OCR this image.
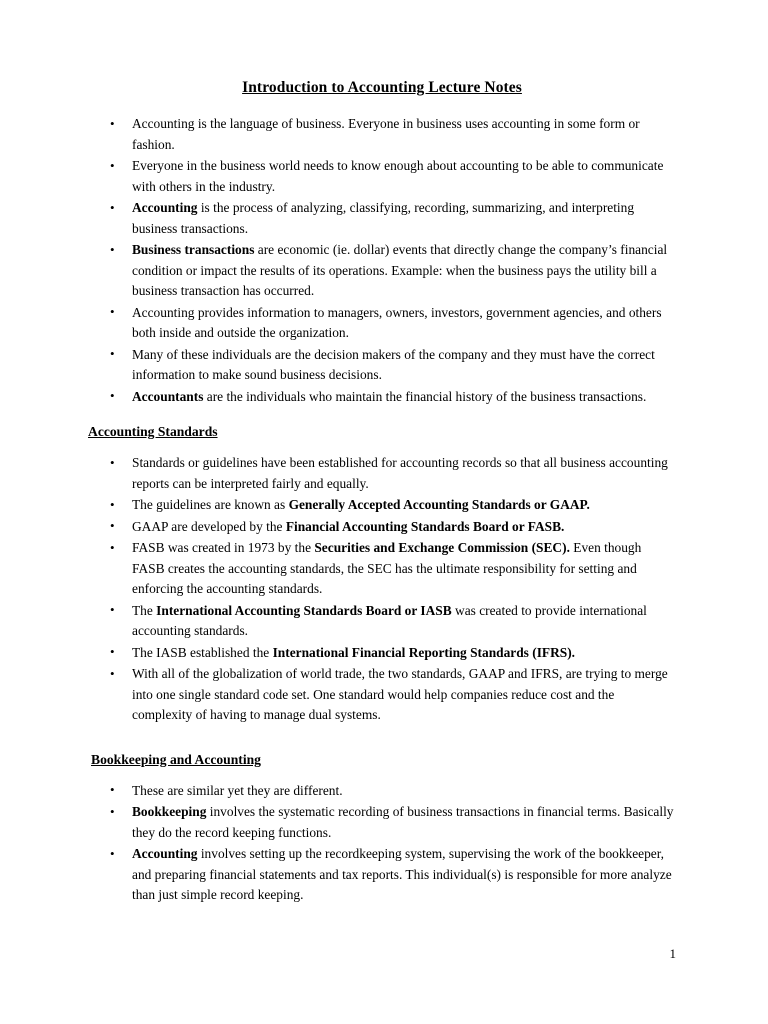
Introduction to Accounting Lecture Notes
• Accounting is the language of business. Everyone in business uses accounting in some form or fashion.
• Everyone in the business world needs to know enough about accounting to be able to communicate with others in the industry.
• Accounting is the process of analyzing, classifying, recording, summarizing, and interpreting business transactions.
• Business transactions are economic (ie. dollar) events that directly change the company’s financial condition or impact the results of its operations. Example: when the business pays the utility bill a business transaction has occurred.
• Accounting provides information to managers, owners, investors, government agencies, and others both inside and outside the organization.
• Many of these individuals are the decision makers of the company and they must have the correct information to make sound business decisions.
• Accountants are the individuals who maintain the financial history of the business transactions.
Accounting Standards
• Standards or guidelines have been established for accounting records so that all business accounting reports can be interpreted fairly and equally.
• The guidelines are known as Generally Accepted Accounting Standards or GAAP.
• GAAP are developed by the Financial Accounting Standards Board or FASB.
• FASB was created in 1973 by the Securities and Exchange Commission (SEC). Even though FASB creates the accounting standards, the SEC has the ultimate responsibility for setting and enforcing the accounting standards.
• The International Accounting Standards Board or IASB was created to provide international accounting standards.
• The IASB established the International Financial Reporting Standards (IFRS).
• With all of the globalization of world trade, the two standards, GAAP and IFRS, are trying to merge into one single standard code set. One standard would help companies reduce cost and the complexity of having to manage dual systems.
Bookkeeping and Accounting
• These are similar yet they are different.
• Bookkeeping involves the systematic recording of business transactions in financial terms. Basically they do the record keeping functions.
• Accounting involves setting up the recordkeeping system, supervising the work of the bookkeeper, and preparing financial statements and tax reports. This individual(s) is responsible for more analyze than just simple record keeping.
1
